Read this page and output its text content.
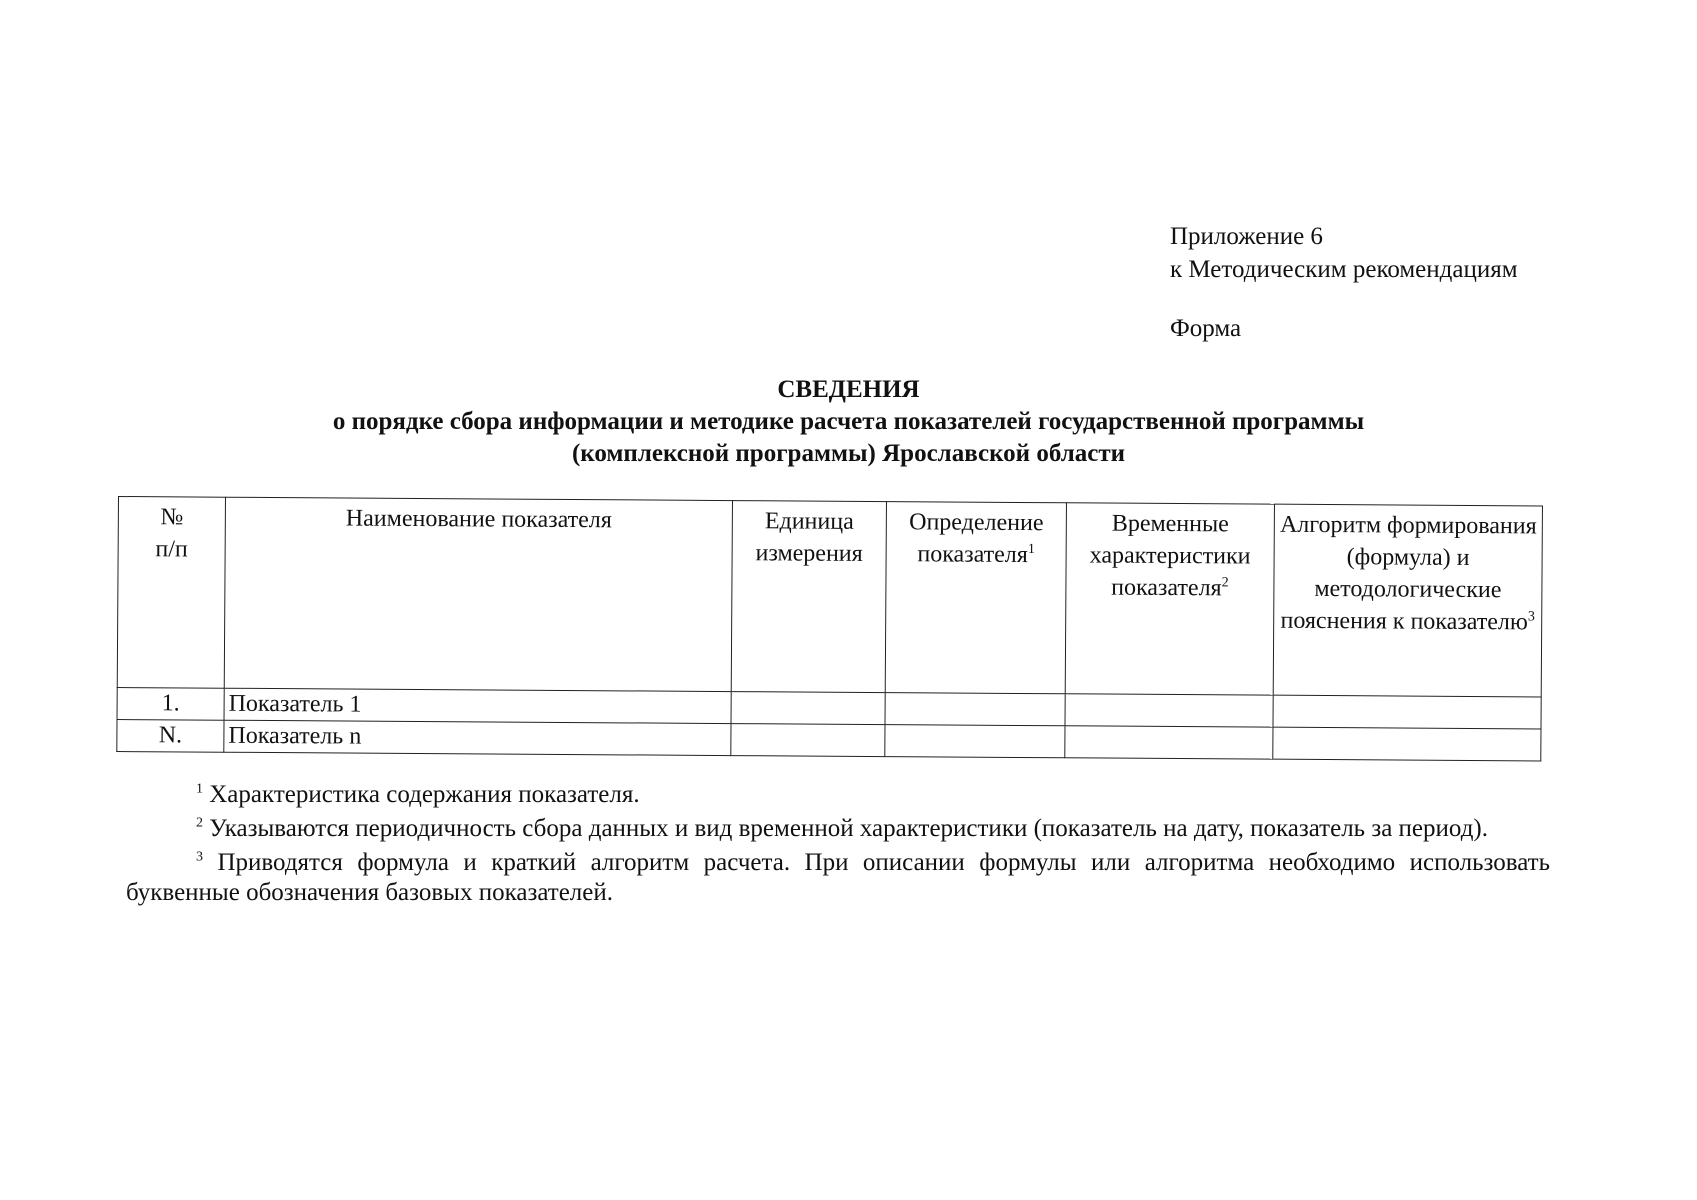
Приложение 6
к Методическим рекомендациям
Форма
СВЕДЕНИЯ
о порядке сбора информации и методике расчета показателей государственной программы
(комплексной программы) Ярославской области
№
п/п	Наименование показателя	Единица измерения	Определение показателя$^1$	Временные характеристики показателя$^2$	Алгоритм формирования (формула) и методологические пояснения к показателю$^3$
1.	Показатель 1				
N.	Показатель n				

$^1$ Характеристика содержания показателя.

$^2$ Указываются периодичность сбора данных и вид временной характеристики (показатель на дату, показатель за период).

$^3$ Приводятся формула и краткий алгоритм расчета. При описании формулы или алгоритма необходимо использовать буквенные обозначения базовых показателей.
